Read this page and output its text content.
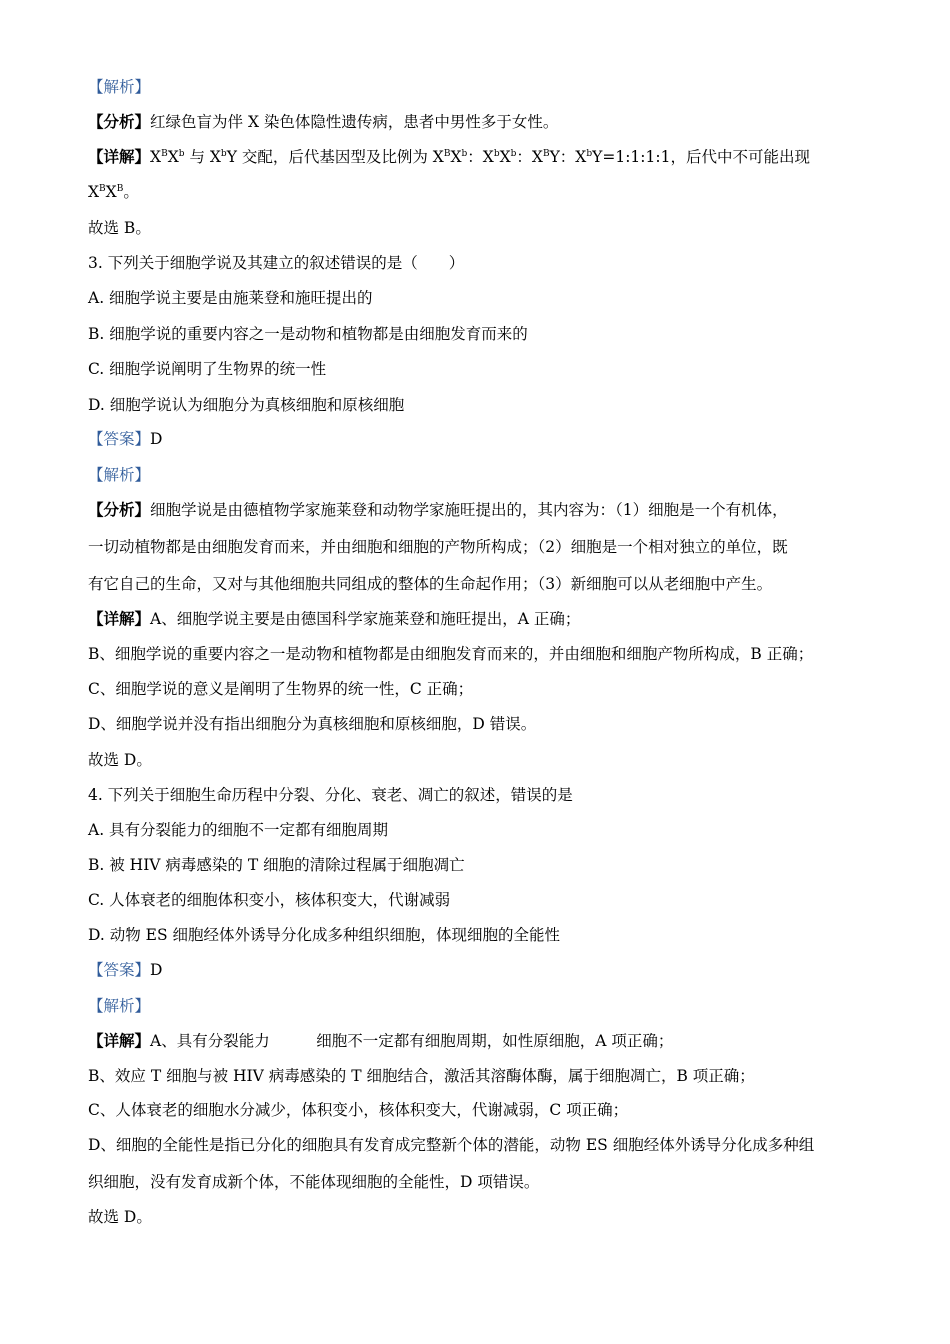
【解析】
【分析】红绿色盲为伴 X 染色体隐性遗传病，患者中男性多于女性。
【详解】$X^BX^b$ 与 $X^bY$ 交配，后代基因型及比例为 $X^BX^b$：$X^bX^b$：$X^BY$：$X^bY=1:1:1:1$，后代中不可能出现
$X^BX^B$。
故选 B。
3. 下列关于细胞学说及其建立的叙述错误的是（　　）
A. 细胞学说主要是由施莱登和施旺提出的
B. 细胞学说的重要内容之一是动物和植物都是由细胞发育而来的
C. 细胞学说阐明了生物界的统一性
D. 细胞学说认为细胞分为真核细胞和原核细胞
【答案】D
【解析】
【分析】细胞学说是由德植物学家施莱登和动物学家施旺提出的，其内容为：（1）细胞是一个有机体，
一切动植物都是由细胞发育而来，并由细胞和细胞的产物所构成；（2）细胞是一个相对独立的单位，既
有它自己的生命，又对与其他细胞共同组成的整体的生命起作用；（3）新细胞可以从老细胞中产生。
【详解】A、细胞学说主要是由德国科学家施莱登和施旺提出，A 正确；
B、细胞学说的重要内容之一是动物和植物都是由细胞发育而来的，并由细胞和细胞产物所构成，B 正确；
C、细胞学说的意义是阐明了生物界的统一性，C 正确；
D、细胞学说并没有指出细胞分为真核细胞和原核细胞，D 错误。
故选 D。
4. 下列关于细胞生命历程中分裂、分化、衰老、凋亡的叙述，错误的是
A. 具有分裂能力的细胞不一定都有细胞周期
B. 被 HIV 病毒感染的 T 细胞的清除过程属于细胞凋亡
C. 人体衰老的细胞体积变小，核体积变大，代谢减弱
D. 动物 ES 细胞经体外诱导分化成多种组织细胞，体现细胞的全能性
【答案】D
【解析】
【详解】A、具有分裂能力　　　细胞不一定都有细胞周期，如性原细胞，A 项正确；
B、效应 T 细胞与被 HIV 病毒感染的 T 细胞结合，激活其溶酶体酶，属于细胞凋亡，B 项正确；
C、人体衰老的细胞水分减少，体积变小，核体积变大，代谢减弱，C 项正确；
D、细胞的全能性是指已分化的细胞具有发育成完整新个体的潜能，动物 ES 细胞经体外诱导分化成多种组
织细胞，没有发育成新个体，不能体现细胞的全能性，D 项错误。
故选 D。
